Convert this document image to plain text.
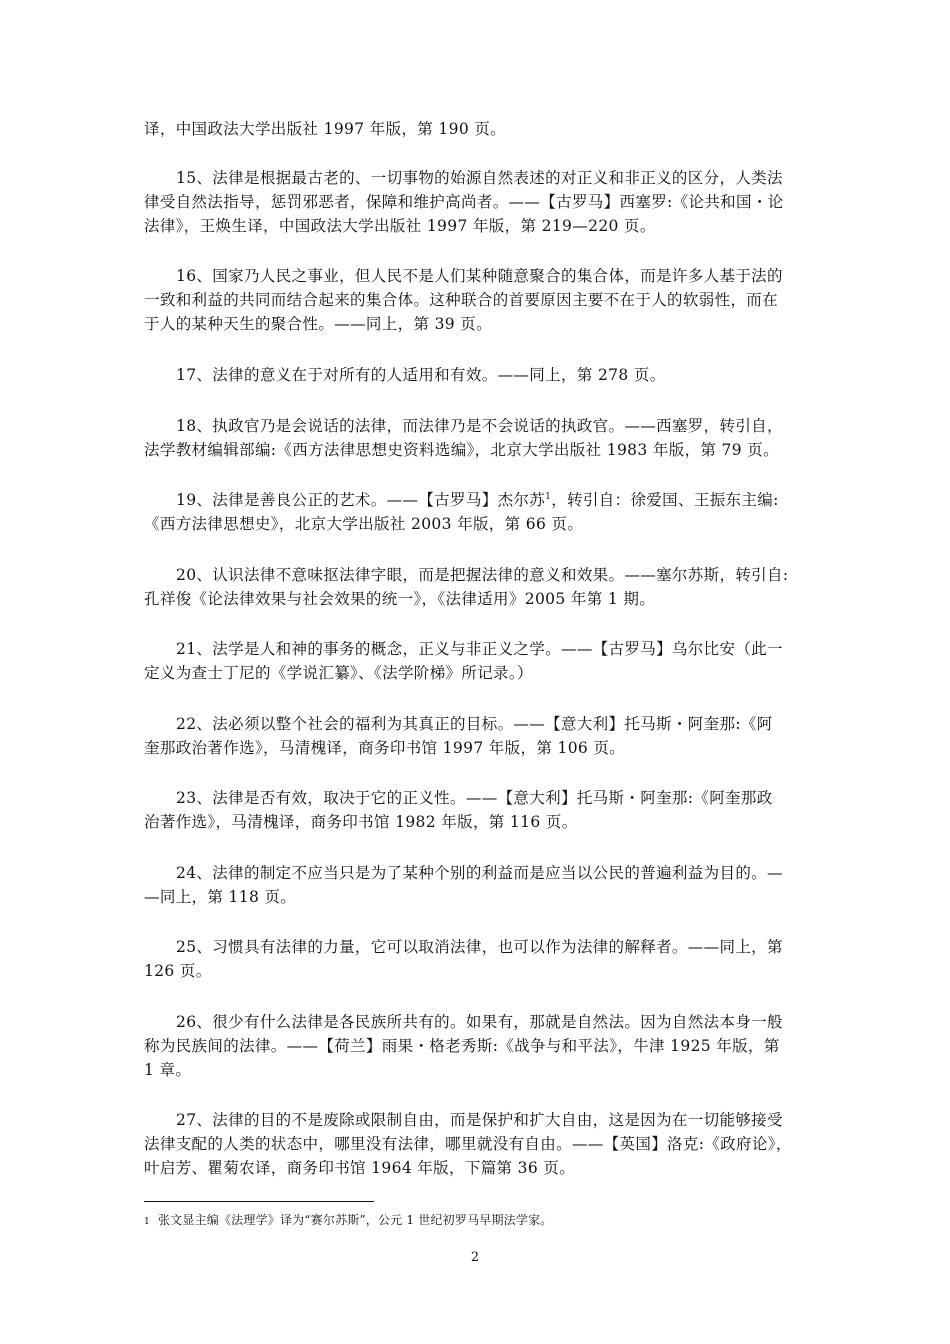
译，中国政法大学出版社 1997 年版，第 190 页。
15、法律是根据最古老的、一切事物的始源自然表述的对正义和非正义的区分，人类法
律受自然法指导，惩罚邪恶者，保障和维护高尚者。——【古罗马】西塞罗:《论共和国・论
法律》，王焕生译，中国政法大学出版社 1997 年版，第 219—220 页。
16、国家乃人民之事业，但人民不是人们某种随意聚合的集合体，而是许多人基于法的
一致和利益的共同而结合起来的集合体。这种联合的首要原因主要不在于人的软弱性，而在
于人的某种天生的聚合性。——同上，第 39 页。
17、法律的意义在于对所有的人适用和有效。——同上，第 278 页。
18、执政官乃是会说话的法律，而法律乃是不会说话的执政官。——西塞罗，转引自，
法学教材编辑部编:《西方法律思想史资料选编》，北京大学出版社 1983 年版，第 79 页。
19、法律是善良公正的艺术。——【古罗马】杰尔苏$^1$，转引自：徐爱国、王振东主编:
《西方法律思想史》，北京大学出版社 2003 年版，第 66 页。
20、认识法律不意味抠法律字眼，而是把握法律的意义和效果。——塞尔苏斯，转引自:
孔祥俊《论法律效果与社会效果的统一》，《法律适用》2005 年第 1 期。
21、法学是人和神的事务的概念，正义与非正义之学。——【古罗马】乌尔比安（此一
定义为查士丁尼的《学说汇纂》、《法学阶梯》所记录。）
22、法必须以整个社会的福利为其真正的目标。——【意大利】托马斯・阿奎那:《阿
奎那政治著作选》，马清槐译，商务印书馆 1997 年版，第 106 页。
23、法律是否有效，取决于它的正义性。——【意大利】托马斯・阿奎那:《阿奎那政
治著作选》，马清槐译，商务印书馆 1982 年版，第 116 页。
24、法律的制定不应当只是为了某种个别的利益而是应当以公民的普遍利益为目的。—
—同上，第 118 页。
25、习惯具有法律的力量，它可以取消法律，也可以作为法律的解释者。——同上，第
126 页。
26、很少有什么法律是各民族所共有的。如果有，那就是自然法。因为自然法本身一般
称为民族间的法律。——【荷兰】雨果・格老秀斯:《战争与和平法》，牛津 1925 年版，第
1 章。
27、法律的目的不是废除或限制自由，而是保护和扩大自由，这是因为在一切能够接受
法律支配的人类的状态中，哪里没有法律，哪里就没有自由。——【英国】洛克:《政府论》，
叶启芳、瞿菊农译，商务印书馆 1964 年版，下篇第 36 页。
1 张文显主编《法理学》译为“赛尔苏斯”，公元 1 世纪初罗马早期法学家。
2
